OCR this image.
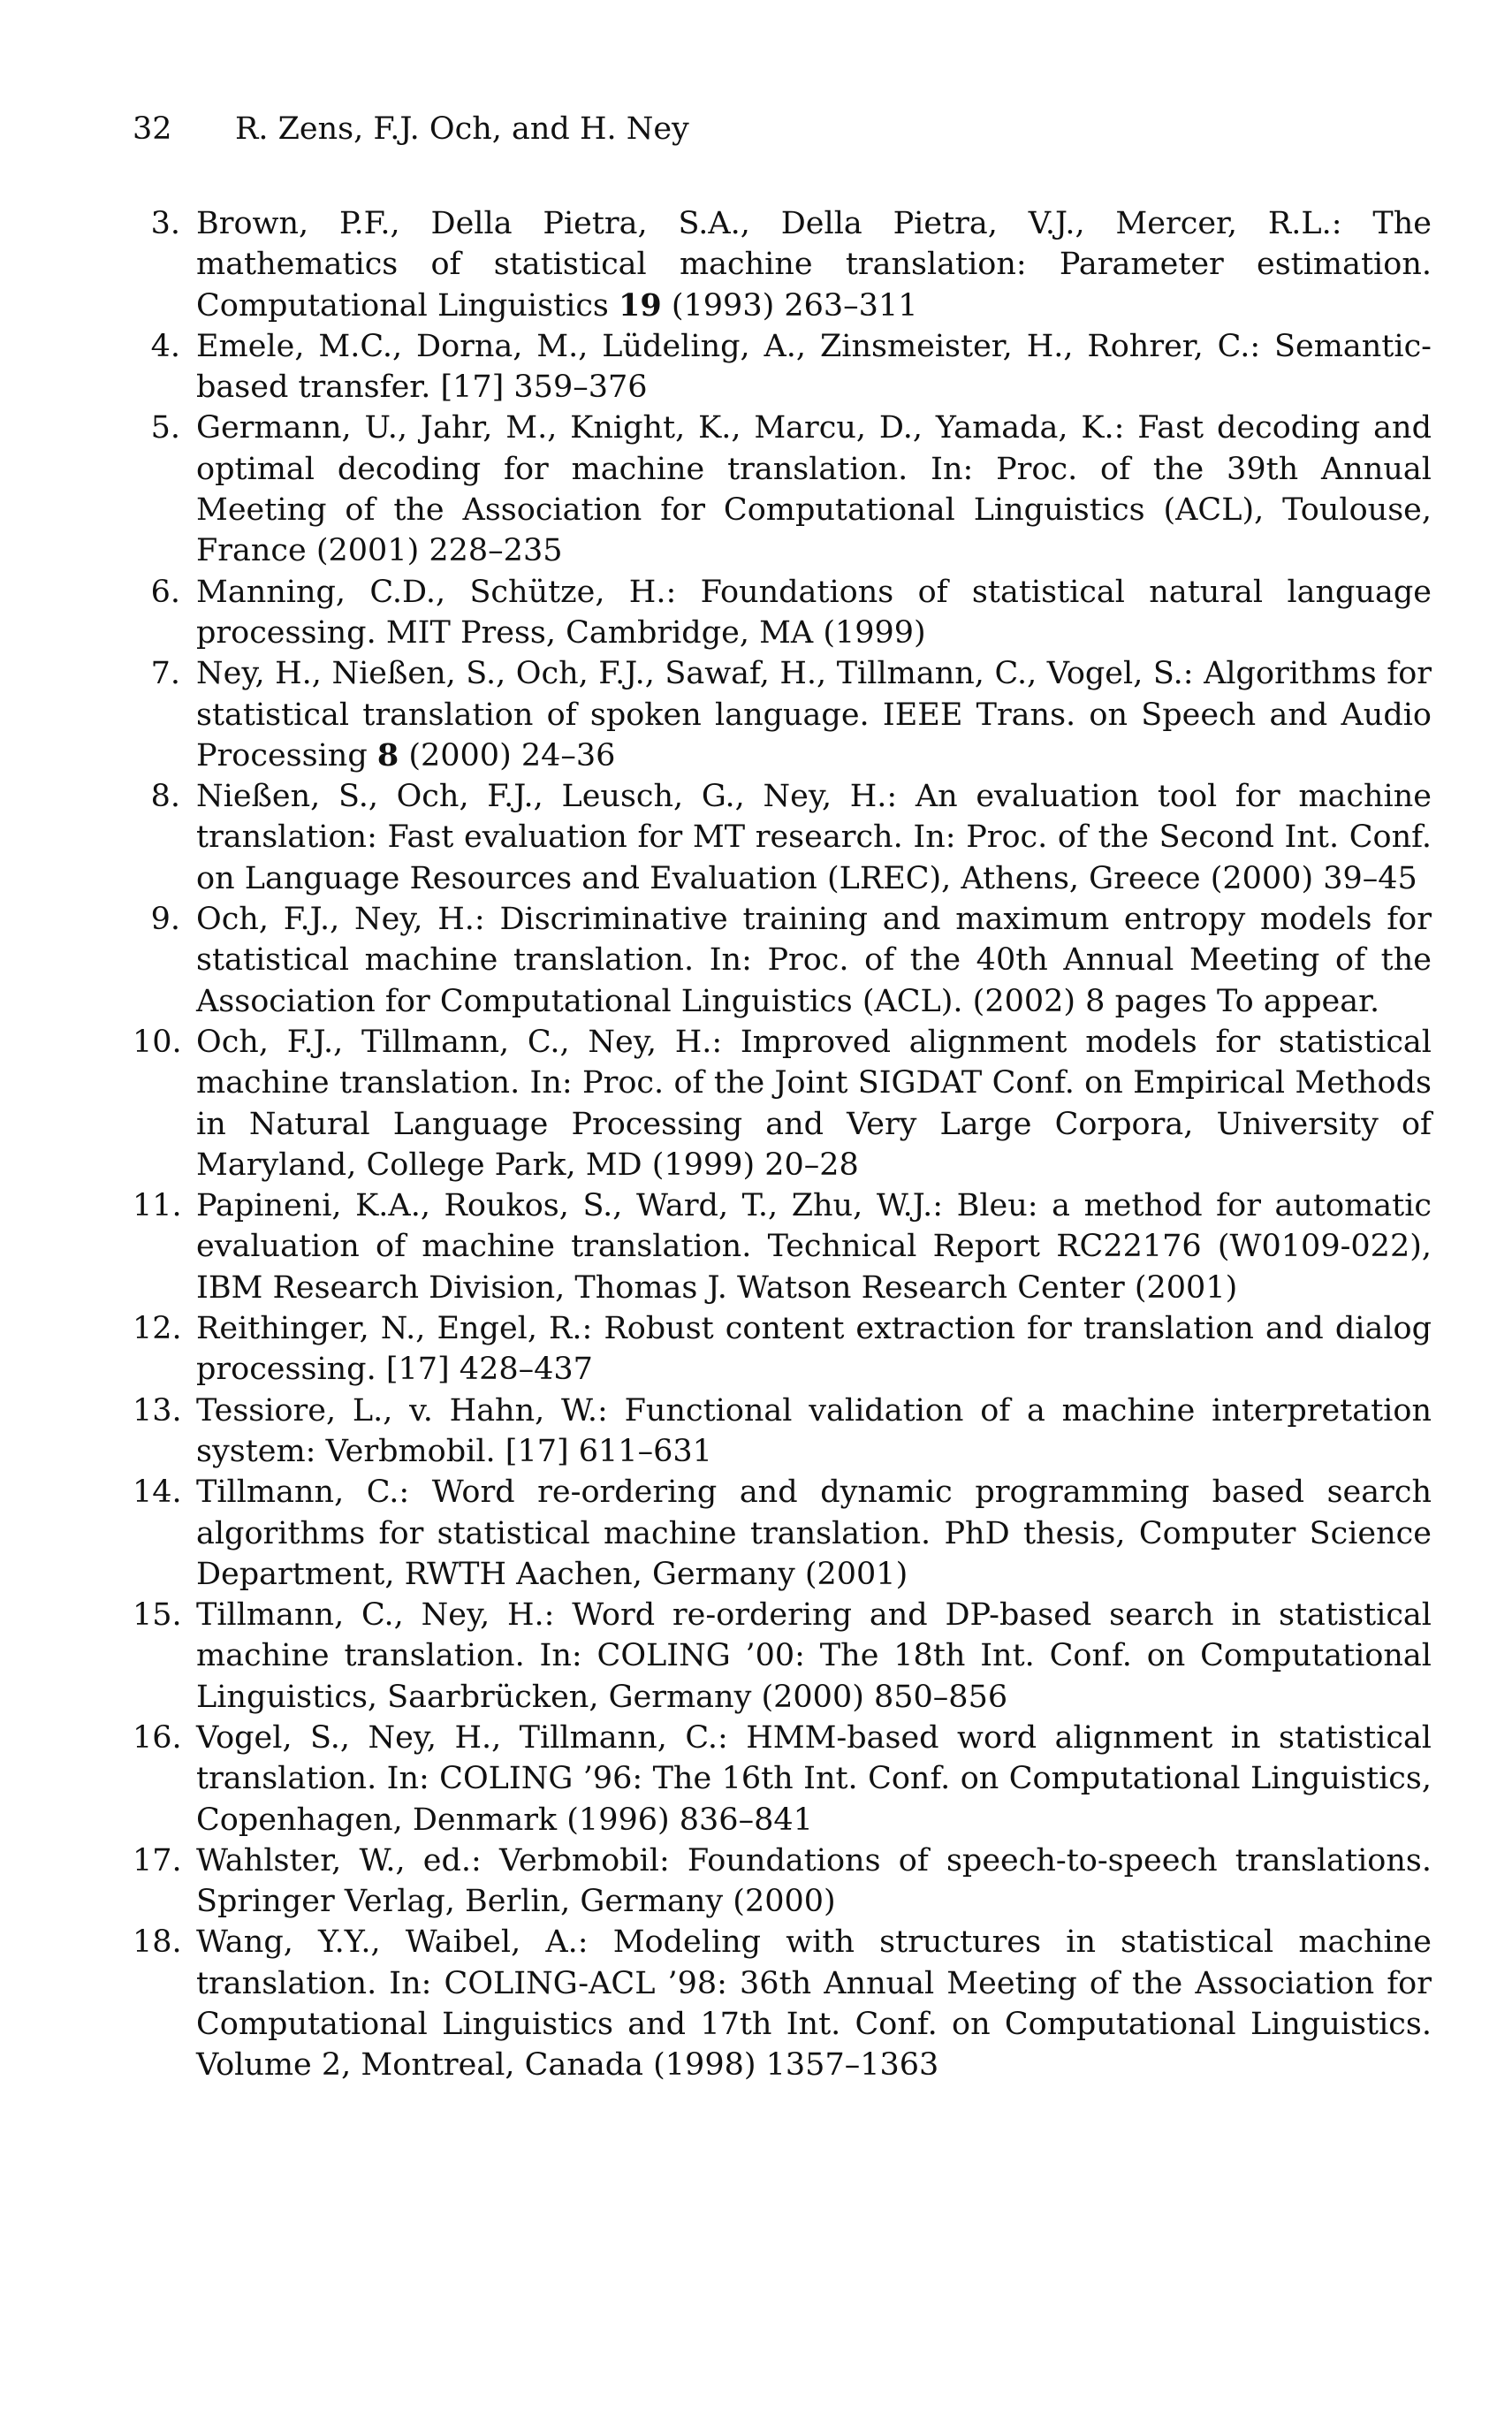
32 R. Zens, F.J. Och, and H. Ney
3. Brown, P.F., Della Pietra, S.A., Della Pietra, V.J., Mercer, R.L.: The mathematics of statistical machine translation: Parameter estimation. Computational Linguistics 19 (1993) 263–311
4. Emele, M.C., Dorna, M., Lüdeling, A., Zinsmeister, H., Rohrer, C.: Semantic-based transfer. [17] 359–376
5. Germann, U., Jahr, M., Knight, K., Marcu, D., Yamada, K.: Fast decoding and optimal decoding for machine translation. In: Proc. of the 39th Annual Meeting of the Association for Computational Linguistics (ACL), Toulouse, France (2001) 228–235
6. Manning, C.D., Schütze, H.: Foundations of statistical natural language processing. MIT Press, Cambridge, MA (1999)
7. Ney, H., Nießen, S., Och, F.J., Sawaf, H., Tillmann, C., Vogel, S.: Algorithms for statistical translation of spoken language. IEEE Trans. on Speech and Audio Processing 8 (2000) 24–36
8. Nießen, S., Och, F.J., Leusch, G., Ney, H.: An evaluation tool for machine translation: Fast evaluation for MT research. In: Proc. of the Second Int. Conf. on Language Resources and Evaluation (LREC), Athens, Greece (2000) 39–45
9. Och, F.J., Ney, H.: Discriminative training and maximum entropy models for statistical machine translation. In: Proc. of the 40th Annual Meeting of the Association for Computational Linguistics (ACL). (2002) 8 pages To appear.
10. Och, F.J., Tillmann, C., Ney, H.: Improved alignment models for statistical machine translation. In: Proc. of the Joint SIGDAT Conf. on Empirical Methods in Natural Language Processing and Very Large Corpora, University of Maryland, College Park, MD (1999) 20–28
11. Papineni, K.A., Roukos, S., Ward, T., Zhu, W.J.: Bleu: a method for automatic evaluation of machine translation. Technical Report RC22176 (W0109-022), IBM Research Division, Thomas J. Watson Research Center (2001)
12. Reithinger, N., Engel, R.: Robust content extraction for translation and dialog processing. [17] 428–437
13. Tessiore, L., v. Hahn, W.: Functional validation of a machine interpretation system: Verbmobil. [17] 611–631
14. Tillmann, C.: Word re-ordering and dynamic programming based search algorithms for statistical machine translation. PhD thesis, Computer Science Department, RWTH Aachen, Germany (2001)
15. Tillmann, C., Ney, H.: Word re-ordering and DP-based search in statistical machine translation. In: COLING ’00: The 18th Int. Conf. on Computational Linguistics, Saarbrücken, Germany (2000) 850–856
16. Vogel, S., Ney, H., Tillmann, C.: HMM-based word alignment in statistical translation. In: COLING ’96: The 16th Int. Conf. on Computational Linguistics, Copenhagen, Denmark (1996) 836–841
17. Wahlster, W., ed.: Verbmobil: Foundations of speech-to-speech translations. Springer Verlag, Berlin, Germany (2000)
18. Wang, Y.Y., Waibel, A.: Modeling with structures in statistical machine translation. In: COLING-ACL ’98: 36th Annual Meeting of the Association for Computational Linguistics and 17th Int. Conf. on Computational Linguistics. Volume 2, Montreal, Canada (1998) 1357–1363
